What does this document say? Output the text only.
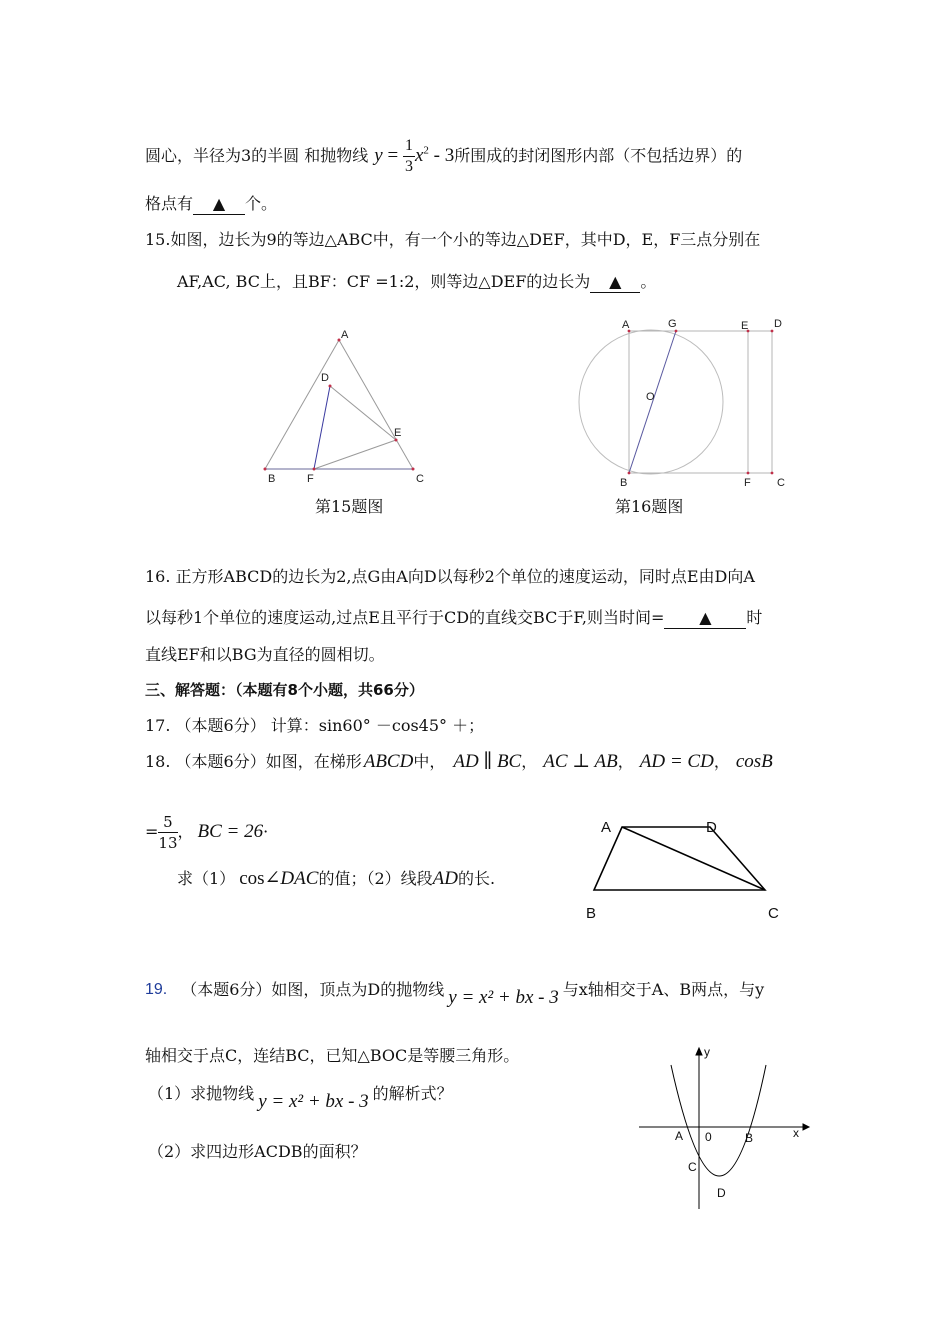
圆心，半径为3的半圆 和抛物线 $y = \frac{1}{3} x^2 - 3$ 所围成的封闭图形内部（不包括边界）的
格点有 ▲ 个。
15.如图，边长为9的等边△ABC中，有一个小的等边△DEF，其中D，E，F三点分别在
AF,AC, BC上，且BF：CF =1:2，则等边△DEF的边长为 ▲ 。
A
D
E
B	F	C
第15题图
A	G	E D
O
B	F C
第16题图
16. 正方形ABCD的边长为2,点G由A向D以每秒2个单位的速度运动，同时点E由D向A
以每秒1个单位的速度运动,过点E且平行于CD的直线交BC于F,则当时间= ▲ 时
直线EF和以BG为直径的圆相切。
三、解答题：（本题有8个小题，共66分）
17. （本题6分） 计算：sin60° －cos45° ＋；
18. （本题6分）如图，在梯形 ABCD 中， AD ∥ BC ， AC ⊥ AB ， AD = CD ， cosB
= $\frac{5}{13}$ ， BC = 26 ·
求（1） cos ∠DAC 的值；（2）线段 AD 的长.
A	D
B	C
19. （本题6分）如图，顶点为D的抛物线 y = x² + bx - 3 与x轴相交于A、B两点，与y
轴相交于点C，连结BC，已知△BOC是等腰三角形。
（1）求抛物线 y = x² + bx - 3 的解析式？
（2）求四边形ACDB的面积？
y
x
A 0	B
C
D
